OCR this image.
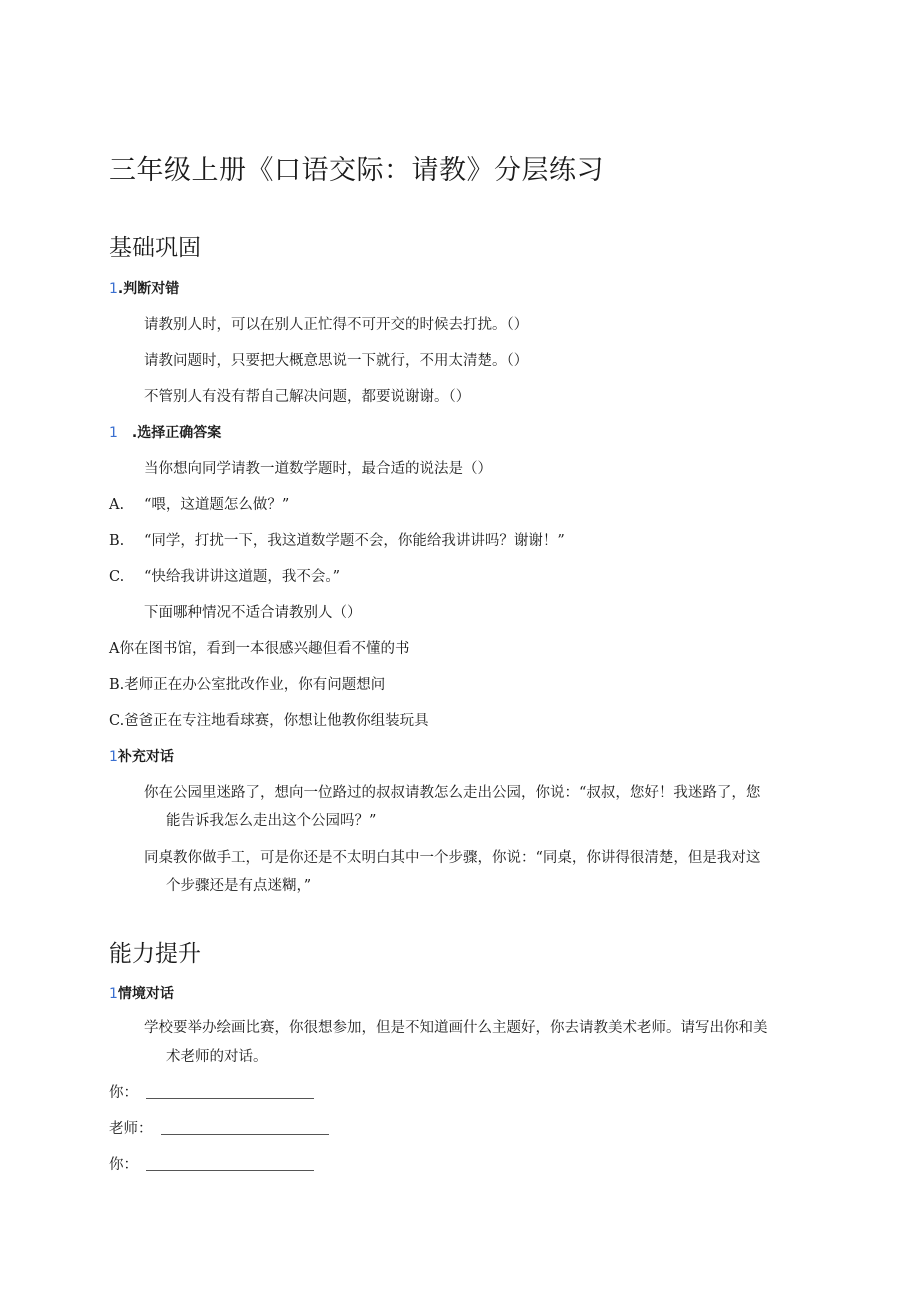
三年级上册《口语交际：请教》分层练习
基础巩固
1.判断对错
请教别人时，可以在别人正忙得不可开交的时候去打扰。（）
请教问题时，只要把大概意思说一下就行，不用太清楚。（）
不管别人有没有帮自己解决问题，都要说谢谢。（）
1 .选择正确答案
当你想向同学请教一道数学题时，最合适的说法是（）
A. “喂，这道题怎么做？”
B. “同学，打扰一下，我这道数学题不会，你能给我讲讲吗？谢谢！”
C. “快给我讲讲这道题，我不会。”
下面哪种情况不适合请教别人（）
A你在图书馆，看到一本很感兴趣但看不懂的书
B.老师正在办公室批改作业，你有问题想问
C.爸爸正在专注地看球赛，你想让他教你组装玩具
1补充对话
你在公园里迷路了，想向一位路过的叔叔请教怎么走出公园，你说：“叔叔，您好！我迷路了，您
能告诉我怎么走出这个公园吗？”
同桌教你做手工，可是你还是不太明白其中一个步骤，你说：“同桌，你讲得很清楚，但是我对这
个步骤还是有点迷糊，”
能力提升
1情境对话
学校要举办绘画比赛，你很想参加，但是不知道画什么主题好，你去请教美术老师。请写出你和美
术老师的对话。
你：
老师：
你：
